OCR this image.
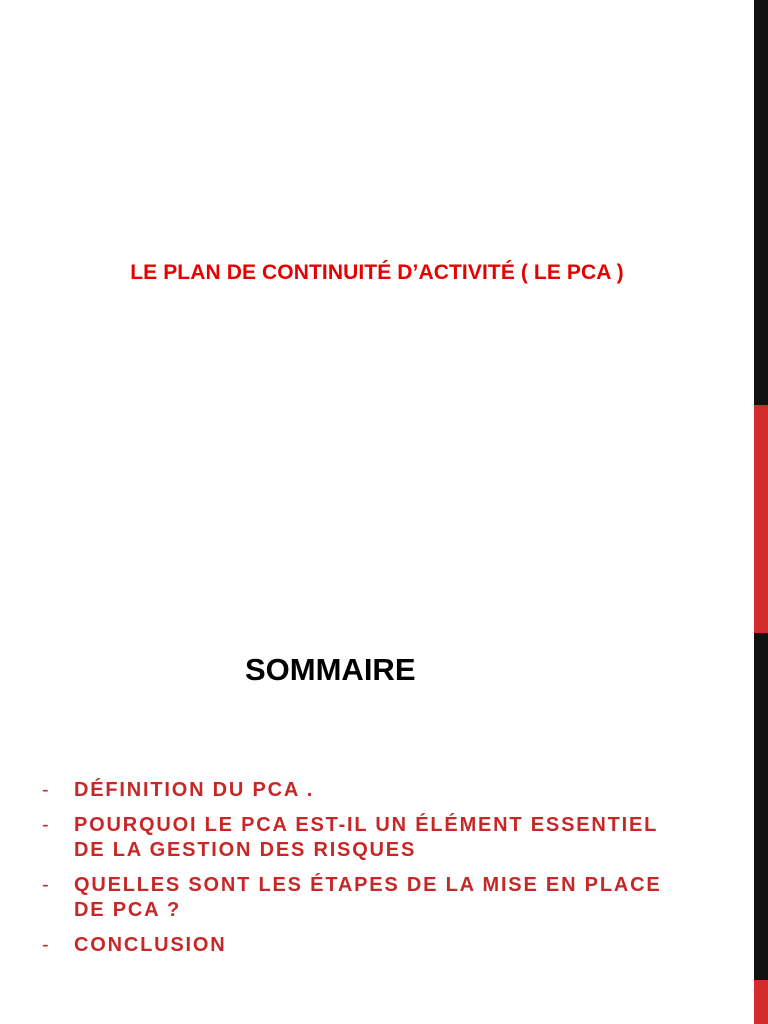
LE PLAN DE CONTINUITÉ D’ACTIVITÉ ( LE PCA )
SOMMAIRE
- DÉFINITION DU PCA .
- POURQUOI LE PCA EST-IL UN ÉLÉMENT ESSENTIEL DE LA GESTION DES RISQUES
- QUELLES SONT LES ÉTAPES DE LA MISE EN PLACE DE PCA ?
- CONCLUSION
